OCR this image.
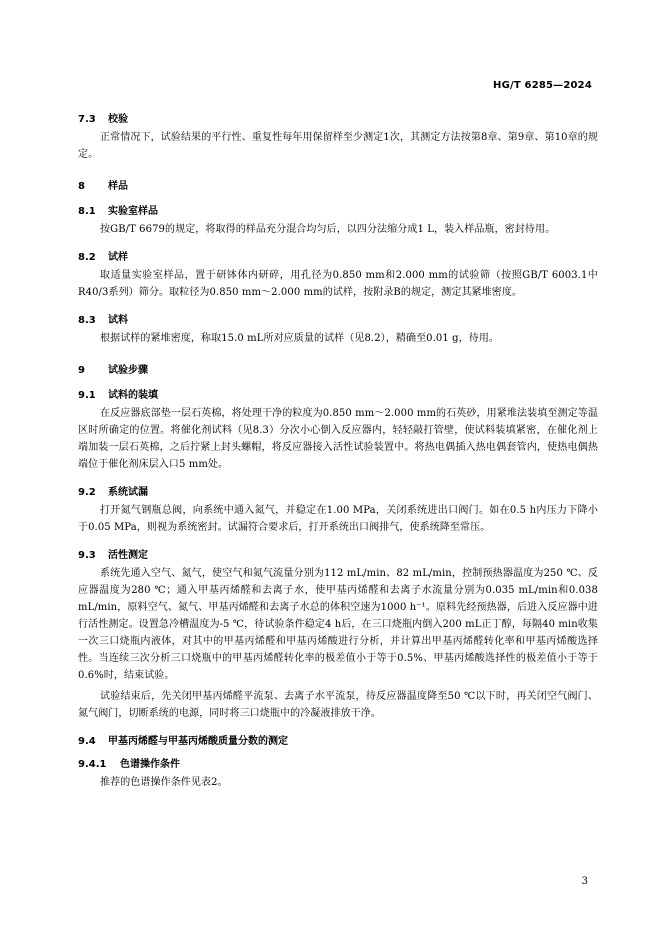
HG/T 6285—2024
7.3	校验

正常情况下，试验结果的平行性、重复性每年用保留样至少测定1次，其测定方法按第8章、第9章、第10章的规定。

8	样品
8.1	实验室样品

按GB/T 6679的规定，将取得的样品充分混合均匀后，以四分法缩分成1 L，装入样品瓶，密封待用。

8.2	试样

取适量实验室样品，置于研钵体内研碎，用孔径为0.850 mm和2.000 mm的试验筛（按照GB/T 6003.1中R40/3系列）筛分。取粒径为0.850 mm～2.000 mm的试样，按附录B的规定，测定其紧堆密度。

8.3	试料

根据试样的紧堆密度，称取15.0 mL所对应质量的试样（见8.2），精确至0.01 g，待用。

9	试验步骤
9.1	试料的装填

在反应器底部垫一层石英棉，将处理干净的粒度为0.850 mm～2.000 mm的石英砂，用紧堆法装填至测定等温区时所确定的位置。将催化剂试料（见8.3）分次小心倒入反应器内，轻轻敲打管壁，使试料装填紧密，在催化剂上端加装一层石英棉，之后拧紧上封头螺帽，将反应器接入活性试验装置中。将热电偶插入热电偶套管内，使热电偶热端位于催化剂床层入口5 mm处。

9.2	系统试漏

打开氮气钢瓶总阀，向系统中通入氮气，并稳定在1.00 MPa，关闭系统进出口阀门。如在0.5 h内压力下降小于0.05 MPa，则视为系统密封。试漏符合要求后，打开系统出口阀排气，使系统降至常压。

9.3	活性测定

系统先通入空气、氮气，使空气和氮气流量分别为112 mL/min、82 mL/min，控制预热器温度为250 ℃、反应器温度为280 ℃；通入甲基丙烯醛和去离子水，使甲基丙烯醛和去离子水流量分别为0.035 mL/min和0.038 mL/min，原料空气、氮气、甲基丙烯醛和去离子水总的体积空速为1000 h⁻¹。原料先经预热器，后进入反应器中进行活性测定。设置急冷槽温度为-5 ℃，待试验条件稳定4 h后，在三口烧瓶内倒入200 mL正丁醇，每隔40 min收集一次三口烧瓶内液体，对其中的甲基丙烯醛和甲基丙烯酸进行分析，并计算出甲基丙烯醛转化率和甲基丙烯酸选择性。当连续三次分析三口烧瓶中的甲基丙烯醛转化率的极差值小于等于0.5%、甲基丙烯酸选择性的极差值小于等于0.6%时，结束试验。

试验结束后，先关闭甲基丙烯醛平流泵、去离子水平流泵，待反应器温度降至50 ℃以下时，再关闭空气阀门、氮气阀门，切断系统的电源，同时将三口烧瓶中的冷凝液排放干净。

9.4	甲基丙烯醛与甲基丙烯酸质量分数的测定
9.4.1	色谱操作条件

推荐的色谱操作条件见表2。

3
